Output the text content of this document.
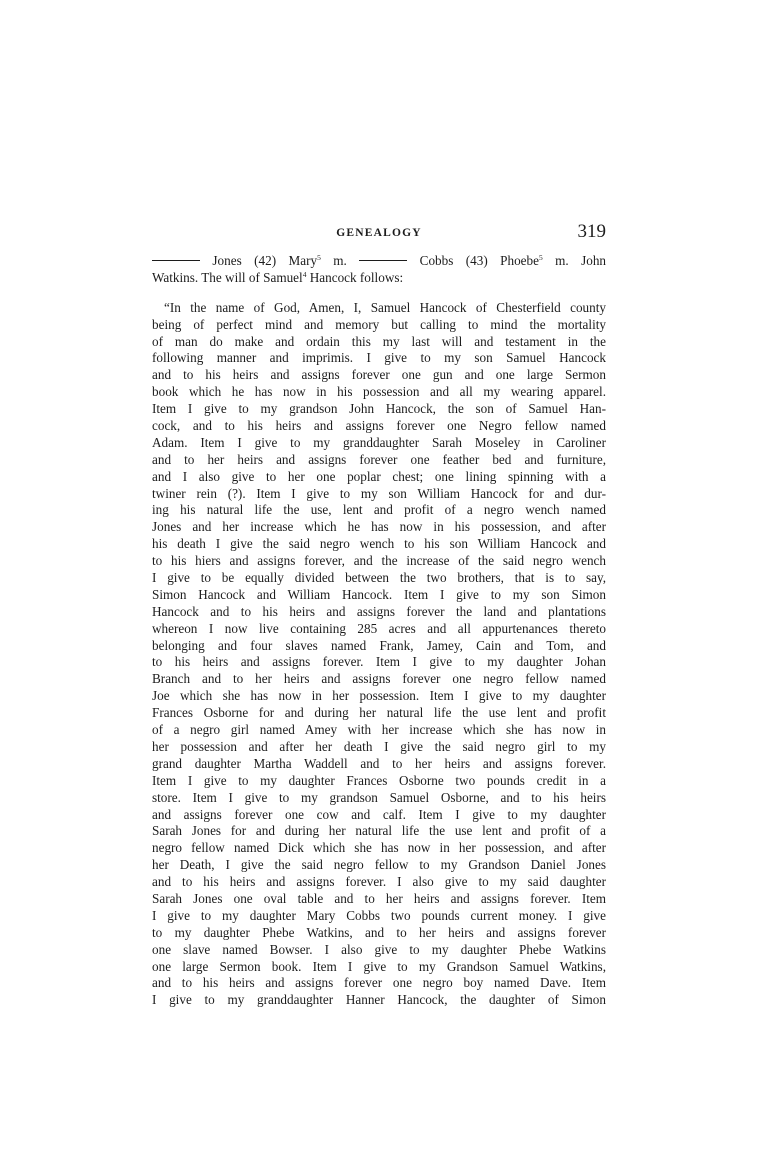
GENEALOGY	319
Jones (42) Mary$^5$ m.	Cobbs (43) Phoebe$^5$ m. John
Watkins. The will of Samuel$^4$ Hancock follows:
“In the name of God, Amen, I, Samuel Hancock of Chesterfield county
being of perfect mind and memory but calling to mind the mortality
of man do make and ordain this my last will and testament in the
following manner and imprimis. I give to my son Samuel Hancock
and to his heirs and assigns forever one gun and one large Sermon
book which he has now in his possession and all my wearing apparel.
Item I give to my grandson John Hancock, the son of Samuel Han-
cock, and to his heirs and assigns forever one Negro fellow named
Adam. Item I give to my granddaughter Sarah Moseley in Caroliner
and to her heirs and assigns forever one feather bed and furniture,
and I also give to her one poplar chest; one lining spinning with a
twiner rein (?). Item I give to my son William Hancock for and dur-
ing his natural life the use, lent and profit of a negro wench named
Jones and her increase which he has now in his possession, and after
his death I give the said negro wench to his son William Hancock and
to his hiers and assigns forever, and the increase of the said negro wench
I give to be equally divided between the two brothers, that is to say,
Simon Hancock and William Hancock. Item I give to my son Simon
Hancock and to his heirs and assigns forever the land and plantations
whereon I now live containing 285 acres and all appurtenances thereto
belonging and four slaves named Frank, Jamey, Cain and Tom, and
to his heirs and assigns forever. Item I give to my daughter Johan
Branch and to her heirs and assigns forever one negro fellow named
Joe which she has now in her possession. Item I give to my daughter
Frances Osborne for and during her natural life the use lent and profit
of a negro girl named Amey with her increase which she has now in
her possession and after her death I give the said negro girl to my
grand daughter Martha Waddell and to her heirs and assigns forever.
Item I give to my daughter Frances Osborne two pounds credit in a
store. Item I give to my grandson Samuel Osborne, and to his heirs
and assigns forever one cow and calf. Item I give to my daughter
Sarah Jones for and during her natural life the use lent and profit of a
negro fellow named Dick which she has now in her possession, and after
her Death, I give the said negro fellow to my Grandson Daniel Jones
and to his heirs and assigns forever. I also give to my said daughter
Sarah Jones one oval table and to her heirs and assigns forever. Item
I give to my daughter Mary Cobbs two pounds current money. I give
to my daughter Phebe Watkins, and to her heirs and assigns forever
one slave named Bowser. I also give to my daughter Phebe Watkins
one large Sermon book. Item I give to my Grandson Samuel Watkins,
and to his heirs and assigns forever one negro boy named Dave. Item
I give to my granddaughter Hanner Hancock, the daughter of Simon
